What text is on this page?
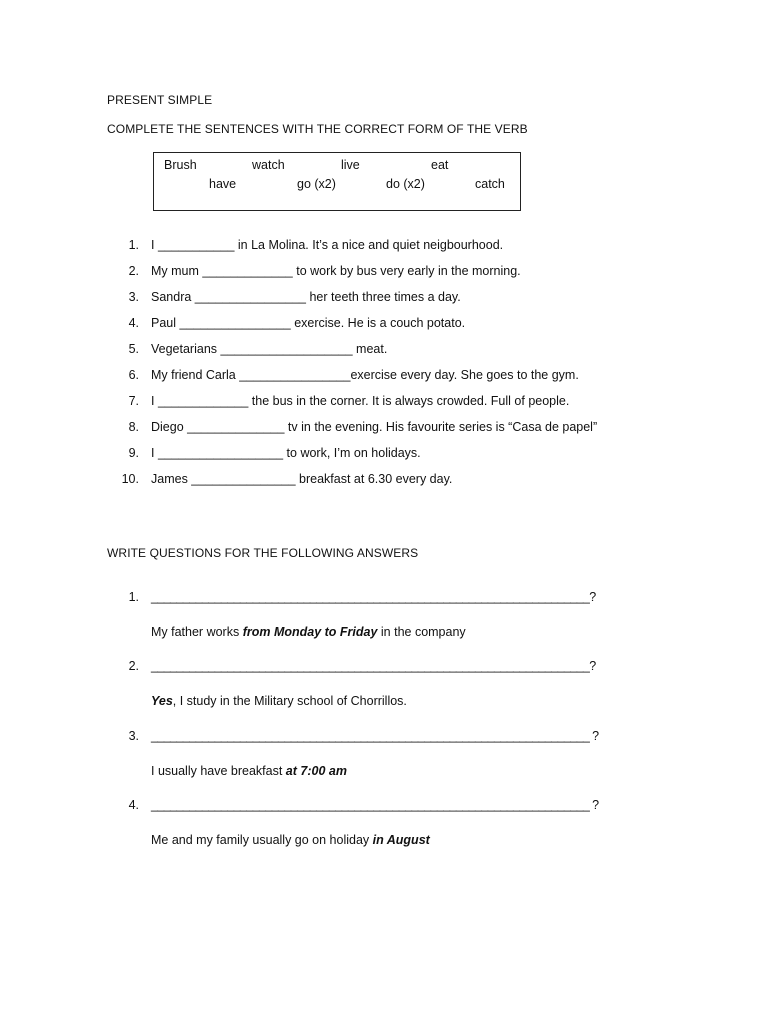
PRESENT SIMPLE
COMPLETE THE SENTENCES WITH THE CORRECT FORM OF THE VERB
Brush	watch	live	eat
have	go (x2)	do (x2)	catch
1. I ___________ in La Molina. It’s a nice and quiet neigbourhood.
2. My mum _____________ to work by bus very early in the morning.
3. Sandra ________________ her teeth three times a day.
4. Paul ________________ exercise. He is a couch potato.
5. Vegetarians ___________________ meat.
6. My friend Carla ________________exercise every day. She goes to the gym.
7. I _____________ the bus in the corner. It is always crowded. Full of people.
8. Diego ______________ tv in the evening. His favourite series is “Casa de papel”
9. I __________________ to work, I’m on holidays.
10. James _______________ breakfast at 6.30 every day.
WRITE QUESTIONS FOR THE FOLLOWING ANSWERS
1. _____________________________________________________________________?
My father works from Monday to Friday in the company
2. _____________________________________________________________________?
Yes, I study in the Military school of Chorrillos.
3. _____________________________________________________________________ ?
I usually have breakfast at 7:00 am
4. _____________________________________________________________________ ?
Me and my family usually go on holiday in August
